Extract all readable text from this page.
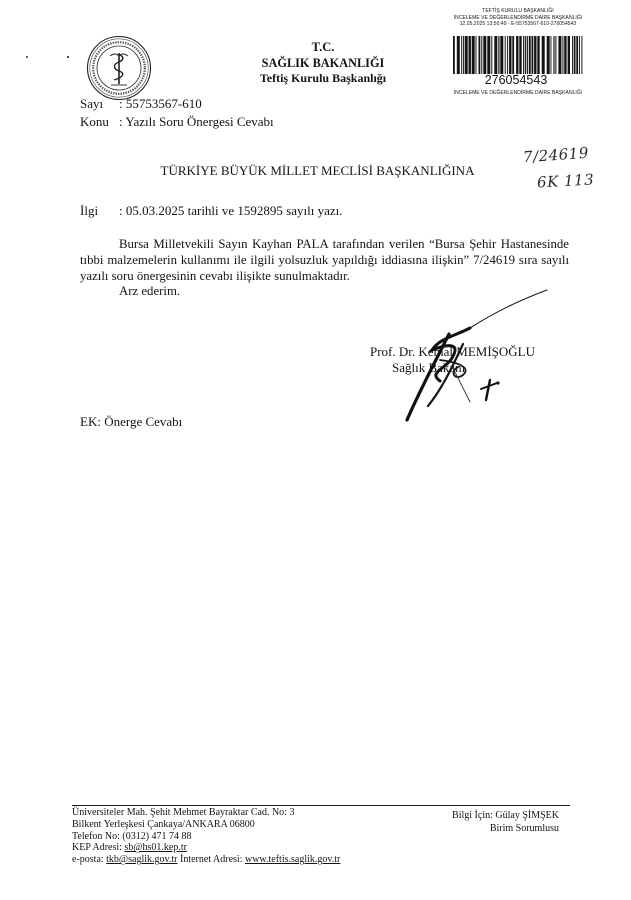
T.C.
SAĞLIK BAKANLIĞI
Teftiş Kurulu Başkanlığı
TEFTİŞ KURULU BAŞKANLIĞI
İNCELEME VE DEĞERLENDİRME DAİRE BAŞKANLIĞI
12.05.2025 13:50:49 - E-55753567-610-276054543
276054543
İNCELEME VE DEĞERLENDİRME DAİRE BAŞKANLIĞI
Sayı : 55753567-610
Konu : Yazılı Soru Önergesi Cevabı
TÜRKİYE BÜYÜK MİLLET MECLİSİ BAŞKANLIĞINA
7/24619
6K 113
İlgi : 05.03.2025 tarihli ve 1592895 sayılı yazı.
Bursa Milletvekili Sayın Kayhan PALA tarafından verilen “Bursa Şehir Hastanesinde
tıbbi malzemelerin kullanımı ile ilgili yolsuzluk yapıldığı iddiasına ilişkin” 7/24619 sıra sayılı
yazılı soru önergesinin cevabı ilişikte sunulmaktadır.
Arz ederim.
Prof. Dr. Kemal MEMİŞOĞLU
Sağlık Bakanı
EK: Önerge Cevabı
Üniversiteler Mah. Şehit Mehmet Bayraktar Cad. No: 3
Bilkent Yerleşkesi Çankaya/ANKARA 06800
Telefon No: (0312) 471 74 88
KEP Adresi: sb@hs01.kep.tr
e-posta: tkb@saglik.gov.tr İnternet Adresi: www.teftis.saglik.gov.tr
Bilgi İçin: Gülay ŞİMŞEK
Birim Sorumlusu
